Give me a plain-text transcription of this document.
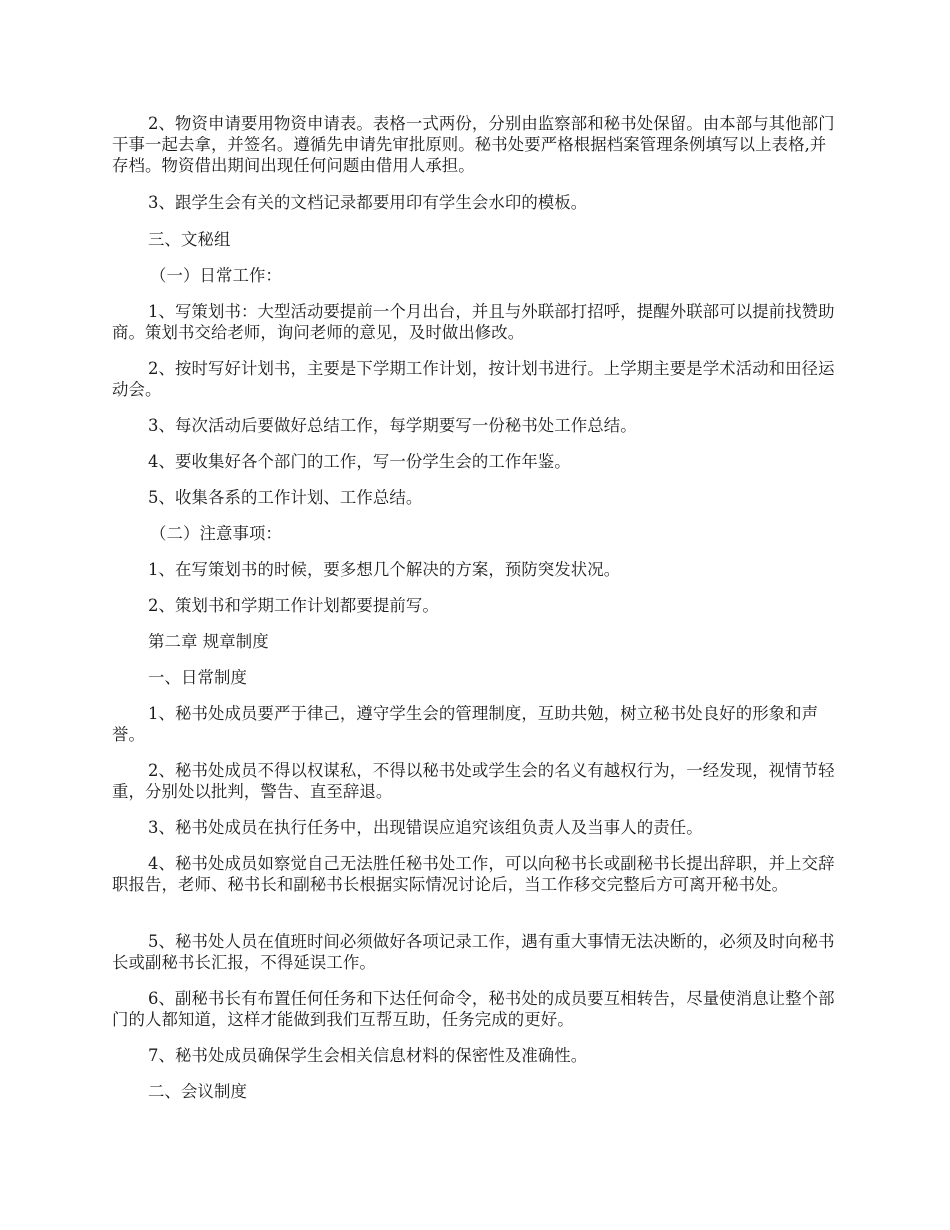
2、物资申请要用物资申请表。表格一式两份，分别由监察部和秘书处保留。由本部与其他部门干事一起去拿，并签名。遵循先申请先审批原则。秘书处要严格根据档案管理条例填写以上表格,并存档。物资借出期间出现任何问题由借用人承担。

3、跟学生会有关的文档记录都要用印有学生会水印的模板。

三、文秘组

（一）日常工作：

1、写策划书：大型活动要提前一个月出台，并且与外联部打招呼，提醒外联部可以提前找赞助商。策划书交给老师，询问老师的意见，及时做出修改。

2、按时写好计划书，主要是下学期工作计划，按计划书进行。上学期主要是学术活动和田径运动会。

3、每次活动后要做好总结工作，每学期要写一份秘书处工作总结。

4、要收集好各个部门的工作，写一份学生会的工作年鉴。

5、收集各系的工作计划、工作总结。

（二）注意事项：

1、在写策划书的时候，要多想几个解决的方案，预防突发状况。

2、策划书和学期工作计划都要提前写。

第二章 规章制度

一、日常制度

1、秘书处成员要严于律己，遵守学生会的管理制度，互助共勉，树立秘书处良好的形象和声誉。

2、秘书处成员不得以权谋私，不得以秘书处或学生会的名义有越权行为，一经发现，视情节轻重，分别处以批判，警告、直至辞退。

3、秘书处成员在执行任务中，出现错误应追究该组负责人及当事人的责任。

4、秘书处成员如察觉自己无法胜任秘书处工作，可以向秘书长或副秘书长提出辞职，并上交辞职报告，老师、秘书长和副秘书长根据实际情况讨论后，当工作移交完整后方可离开秘书处。

5、秘书处人员在值班时间必须做好各项记录工作，遇有重大事情无法决断的，必须及时向秘书长或副秘书长汇报，不得延误工作。

6、副秘书长有布置任何任务和下达任何命令，秘书处的成员要互相转告，尽量使消息让整个部门的人都知道，这样才能做到我们互帮互助，任务完成的更好。

7、秘书处成员确保学生会相关信息材料的保密性及准确性。

二、会议制度
